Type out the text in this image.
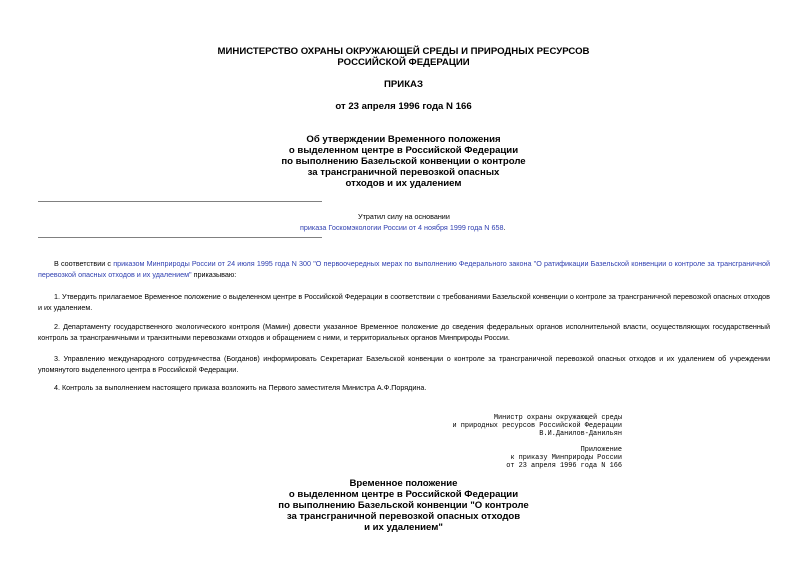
МИНИСТЕРСТВО ОХРАНЫ ОКРУЖАЮЩЕЙ СРЕДЫ И ПРИРОДНЫХ РЕСУРСОВ
РОССИЙСКОЙ ФЕДЕРАЦИИ
ПРИКАЗ
от 23 апреля 1996 года N 166
Об утверждении Временного положения
о выделенном центре в Российской Федерации
по выполнению Базельской конвенции о контроле
за трансграничной перевозкой опасных
отходов и их удалением
Утратил силу на основании
приказа Госкомэкологии России от 4 ноября 1999 года N 658.
В соответствии с приказом Минприроды России от 24 июля 1995 года N 300 "О первоочередных мерах по выполнению Федерального закона "О ратификации Базельской конвенции о контроле за трансграничной перевозкой опасных отходов и их удалением" приказываю:
1. Утвердить прилагаемое Временное положение о выделенном центре в Российской Федерации в соответствии с требованиями Базельской конвенции о контроле за трансграничной перевозкой опасных отходов и их удалением.
2. Департаменту государственного экологического контроля (Мамин) довести указанное Временное положение до сведения федеральных органов исполнительной власти, осуществляющих государственный контроль за трансграничными и транзитными перевозками отходов и обращением с ними, и территориальных органов Минприроды России.
3. Управлению международного сотрудничества (Богданов) информировать Секретариат Базельской конвенции о контроле за трансграничной перевозкой опасных отходов и их удалением об учреждении упомянутого выделенного центра в Российской Федерации.
4. Контроль за выполнением настоящего приказа возложить на Первого заместителя Министра А.Ф.Порядина.
Министр охраны окружающей среды
и природных ресурсов Российской Федерации
В.И.Данилов-Данильян
Приложение
к приказу Минприроды России
от 23 апреля 1996 года N 166
Временное положение
о выделенном центре в Российской Федерации
по выполнению Базельской конвенции "О контроле
за трансграничной перевозкой опасных отходов
и их удалением"
